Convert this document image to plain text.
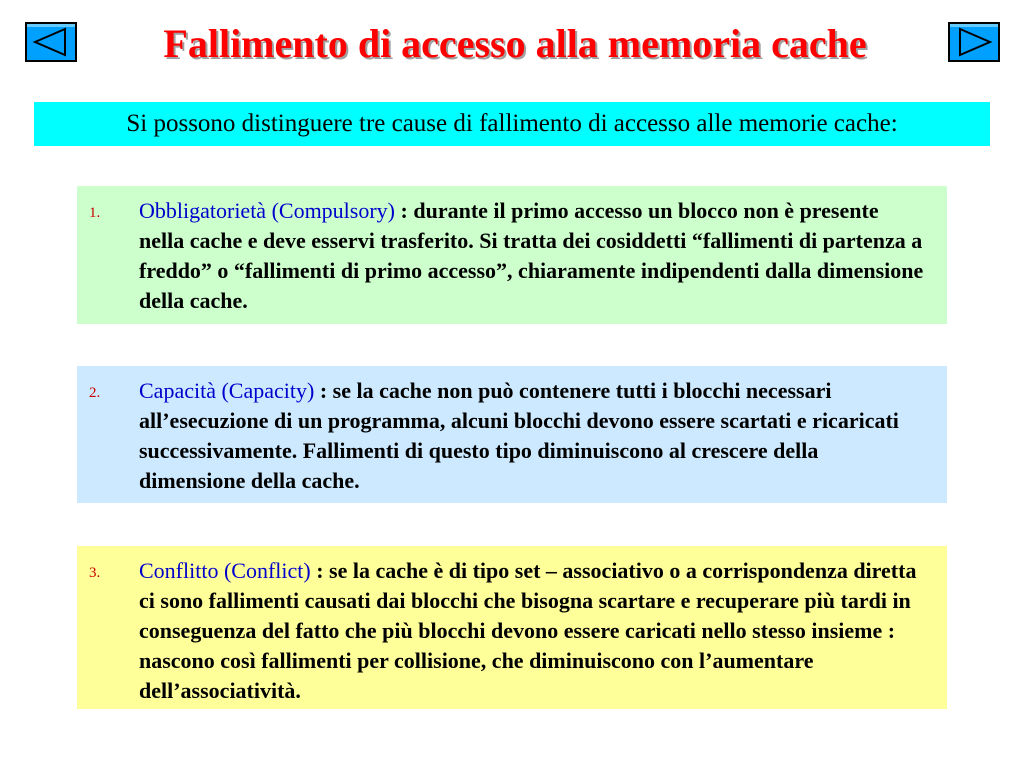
Fallimento di accesso alla memoria cache
Si possono distinguere tre cause di fallimento di accesso alle memorie cache:
1. Obbligatorietà (Compulsory) : durante il primo accesso un blocco non è presente nella cache e deve esservi trasferito. Si tratta dei cosiddetti “fallimenti di partenza a freddo” o “fallimenti di primo accesso”, chiaramente indipendenti dalla dimensione della cache.
2. Capacità (Capacity) : se la cache non può contenere tutti i blocchi necessari all’esecuzione di un programma, alcuni blocchi devono essere scartati e ricaricati successivamente. Fallimenti di questo tipo diminuiscono al crescere della dimensione della cache.
3. Conflitto (Conflict) : se la cache è di tipo set – associativo o a corrispondenza diretta ci sono fallimenti causati dai blocchi che bisogna scartare e recuperare più tardi in conseguenza del fatto che più blocchi devono essere caricati nello stesso insieme : nascono così fallimenti per collisione, che diminuiscono con l’aumentare dell’associatività.
